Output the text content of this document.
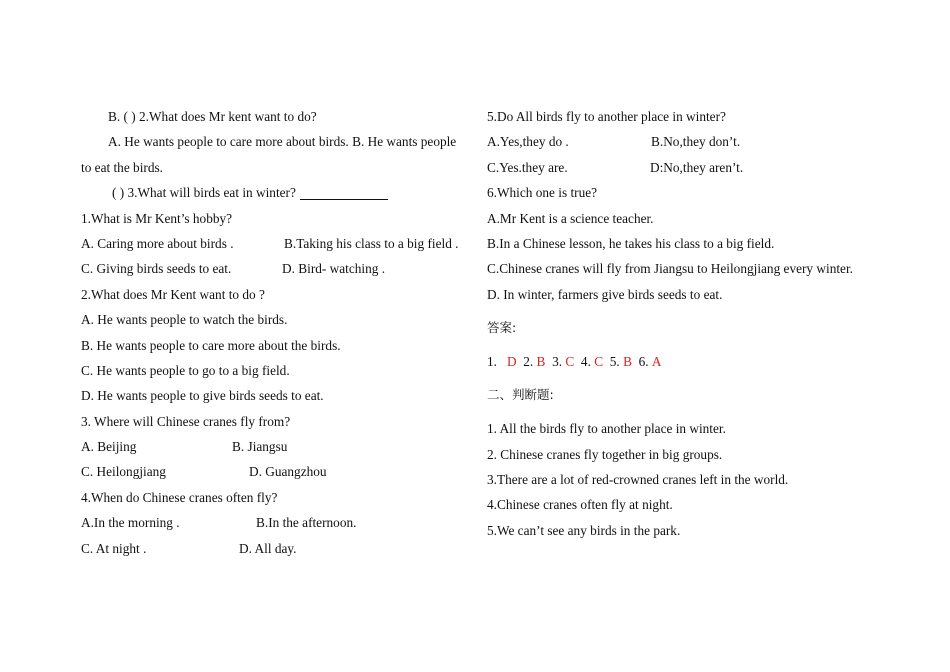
B. ( ) 2.What does Mr kent want to do?
A. He wants people to care more about birds. B. He wants people
to eat the birds.
( ) 3.What will birds eat in winter?
1.What is Mr Kent’s hobby?
A. Caring more about birds .	B.Taking his class to a big field .
C. Giving birds seeds to eat.	D. Bird- watching .
2.What does Mr Kent want to do ?
A. He wants people to watch the birds.
B. He wants people to care more about the birds.
C. He wants people to go to a big field.
D. He wants people to give birds seeds to eat.
3. Where will Chinese cranes fly from?
A. Beijing	B. Jiangsu
C. Heilongjiang	D. Guangzhou
4.When do Chinese cranes often fly?
A.In the morning .	B.In the afternoon.
C. At night .	D. All day.
5.Do All birds fly to another place in winter?
A.Yes,they do .	B.No,they don’t.
C.Yes.they are.	D:No,they aren’t.
6.Which one is true?
A.Mr Kent is a science teacher.
B.In a Chinese lesson, he takes his class to a big field.
C.Chinese cranes will fly from Jiangsu to Heilongjiang every winter.
D. In winter, farmers give birds seeds to eat.
答案:
1. D 2. B 3. C 4. C 5. B 6. A
二、判断题:
1. All the birds fly to another place in winter.
2. Chinese cranes fly together in big groups.
3.There are a lot of red-crowned cranes left in the world.
4.Chinese cranes often fly at night.
5.We can’t see any birds in the park.
